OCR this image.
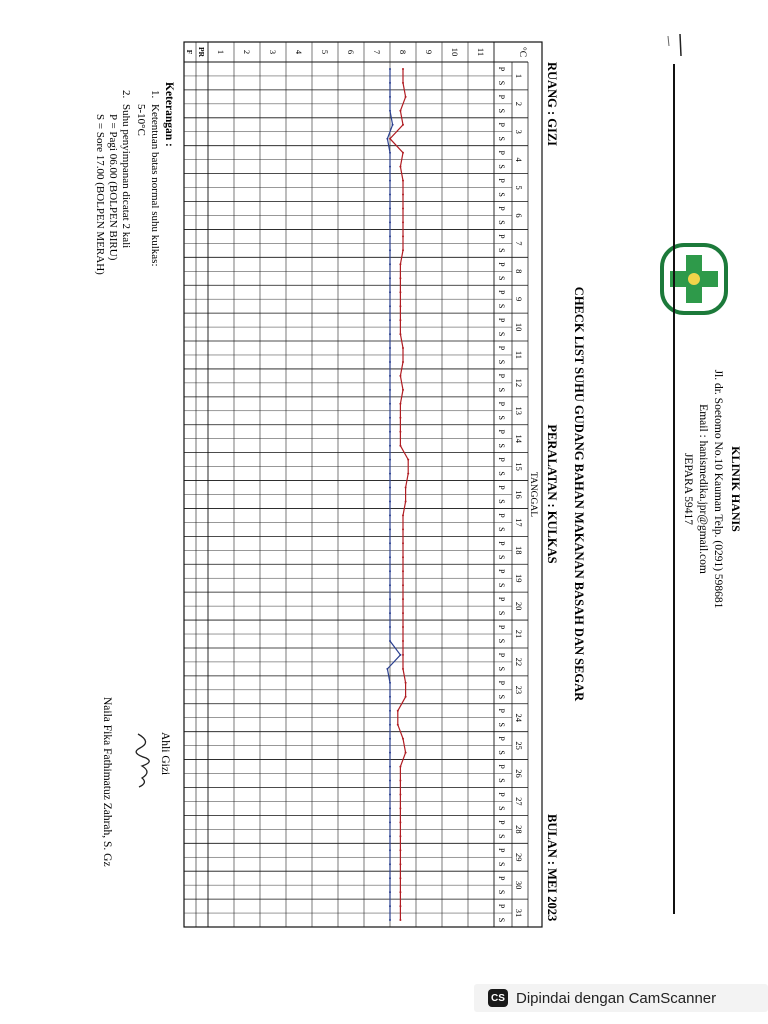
KLINIK HANIS
Jl. dr. Soetomo No.10 Kauman Telp. (0291) 598681
Email : hanismedika.jpr@gmail.com
JEPARA 59417
CHECK LIST SUHU GUDANG BAHAN MAKANAN BASAH DAN SEGAR
RUANG : GIZI
PERALATAN : KULKAS
BULAN : MEI 2023
TANGGAL
°C
1
P
S
2
P
S
3
P
S
4
P
S
5
P
S
6
P
S
7
P
S
8
P
S
9
P
S
10
P
S
11
P
S
12
P
S
13
P
S
14
P
S
15
P
S
16
P
S
17
P
S
18
P
S
19
P
S
20
P
S
21
P
S
22
P
S
23
P
S
24
P
S
25
P
S
26
P
S
27
P
S
28
P
S
29
P
S
30
P
S
31
P
S
11
10
9
8
7
6
5
4
3
2
1
PR
F
Keterangan :
1.
Ketentuan batas normal suhu kulkas:
5-10°C
2.
Suhu penyimpanan dicatat 2 kali
P = Pagi 06.00 (BOLPEN BIRU)
S = Sore 17.00 (BOLPEN MERAH)
Ahli Gizi
Naila Fika Fathimatuz Zahrah, S. Gz
CS Dipindai dengan CamScanner
